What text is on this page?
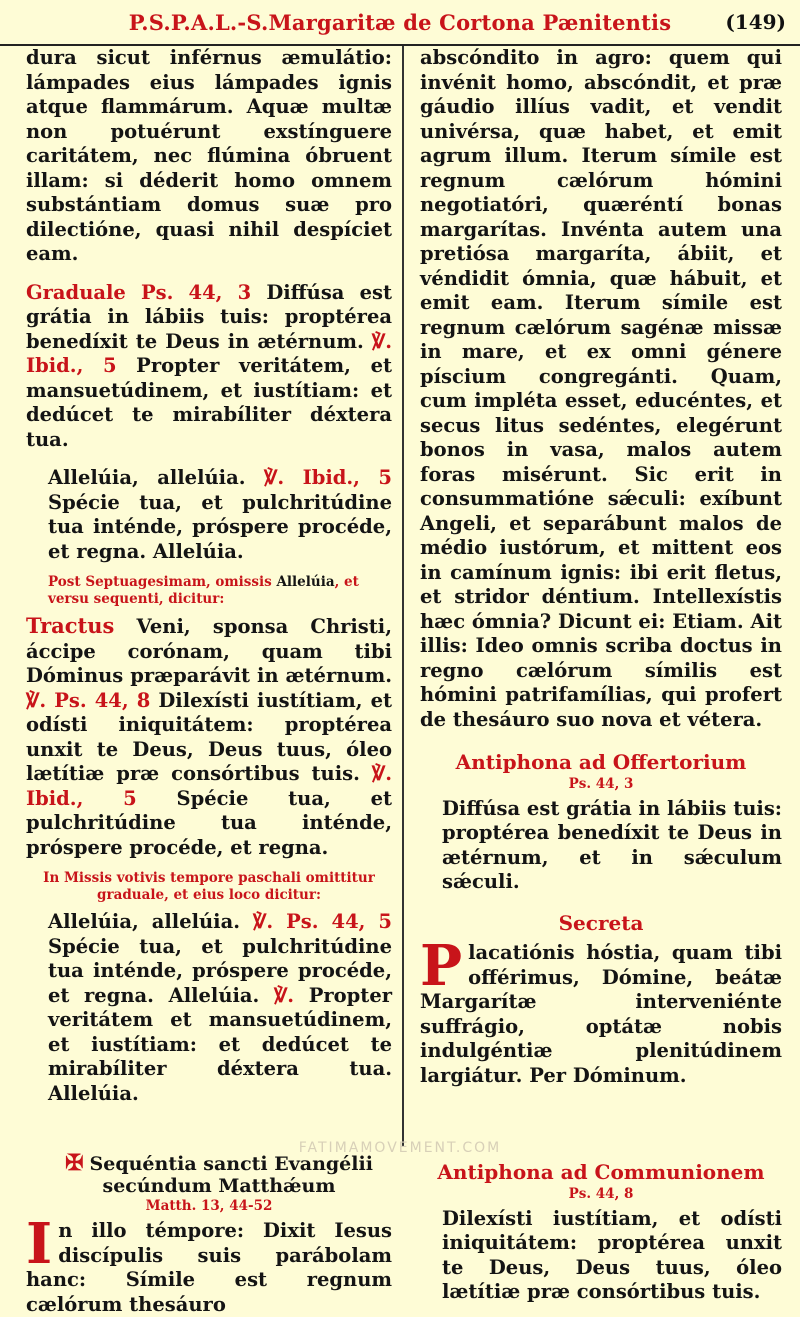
P.S.P.A.L.-S.Margaritæ de Cortona Pænitentis	(149)

dura sicut inférnus æmulátio: lámpades eius lámpades ignis atque flammárum. Aquæ multæ non potuérunt exstínguere caritátem, nec flúmina óbruent illam: si déderit homo omnem substántiam domus suæ pro dilectióne, quasi nihil despíciet eam.

Graduale Ps. 44, 3 Diffúsa est grátia in lábiis tuis: proptérea benedíxit te Deus in ætérnum. ℣. Ibid., 5 Propter veritátem, et mansuetúdinem, et iustítiam: et dedúcet te mirabíliter déxtera tua.

Allelúia, allelúia. ℣. Ibid., 5 Spécie tua, et pulchritúdine tua inténde, próspere procéde, et regna. Allelúia.

Post Septuagesimam, omissis Allelúia, et versu sequenti, dicitur:

Tractus Veni, sponsa Christi, áccipe corónam, quam tibi Dóminus præparávit in ætérnum. ℣. Ps. 44, 8 Dilexísti iustítiam, et odísti iniquitátem: proptérea unxit te Deus, Deus tuus, óleo lætítiæ præ consórtibus tuis. ℣. Ibid., 5 Spécie tua, et pulchritúdine tua inténde, próspere procéde, et regna.

In Missis votivis tempore paschali omittitur graduale, et eius loco dicitur:

Allelúia, allelúia. ℣. Ps. 44, 5 Spécie tua, et pulchritúdine tua inténde, próspere procéde, et regna. Allelúia. ℣. Propter veritátem et mansuetúdinem, et iustítiam: et dedúcet te mirabíliter déxtera tua. Allelúia.

✠ Sequéntia sancti Evangélii
secúndum Matthǽum

Matth. 13, 44-52

In illo témpore: Dixit Iesus discípulis suis parábolam hanc: Símile est regnum cælórum thesáuro

abscóndito in agro: quem qui invénit homo, abscóndit, et præ gáudio illíus vadit, et vendit univérsa, quæ habet, et emit agrum illum. Iterum símile est regnum cælórum hómini negotiatóri, quæréntí bonas margarítas. Invénta autem una pretiósa margaríta, ábiit, et véndidit ómnia, quæ hábuit, et emit eam. Iterum símile est regnum cælórum sagénæ missæ in mare, et ex omni génere píscium congregánti. Quam, cum impléta esset, educéntes, et secus litus sedéntes, elegérunt bonos in vasa, malos autem foras misérunt. Sic erit in consummatióne sǽculi: exíbunt Angeli, et separábunt malos de médio iustórum, et mittent eos in camínum ignis: ibi erit fletus, et stridor déntium. Intellexístis hæc ómnia? Dicunt ei: Etiam. Ait illis: Ideo omnis scriba doctus in regno cælórum símilis est hómini patrifamílias, qui profert de thesáuro suo nova et vétera.

Antiphona ad Offertorium

Ps. 44, 3

Diffúsa est grátia in lábiis tuis: proptérea benedíxit te Deus in ætérnum, et in sǽculum sǽculi.

Secreta

Placatiónis hóstia, quam tibi offérimus, Dómine, beátæ Margarítæ interveniénte suffrágio, optátæ nobis indulgéntiæ plenitúdinem largiátur. Per Dóminum.

Antiphona ad Communionem

Ps. 44, 8

Dilexísti iustítiam, et odísti iniquitátem: proptérea unxit te Deus, Deus tuus, óleo lætítiæ præ consórtibus tuis.

FATIMAMOVEMENT.COM
